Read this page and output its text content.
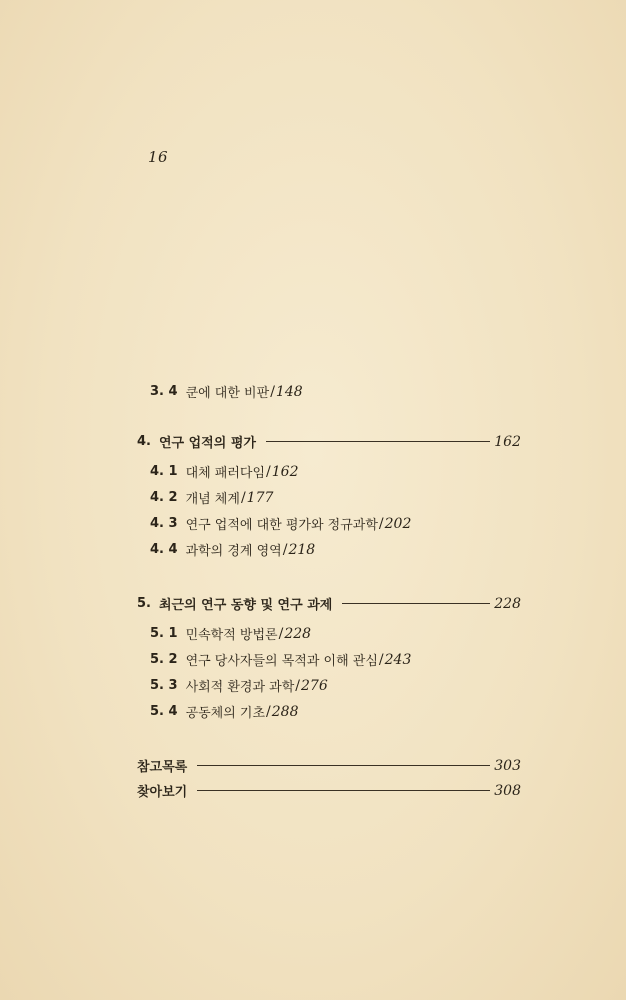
16
3. 4 쿤에 대한 비판 / 148
4. 연구 업적의 평가	162
4. 1 대체 패러다임 / 162
4. 2 개념 체계 / 177
4. 3 연구 업적에 대한 평가와 정규과학 / 202
4. 4 과학의 경계 영역 / 218
5. 최근의 연구 동향 및 연구 과제	228
5. 1 민속학적 방법론 / 228
5. 2 연구 당사자들의 목적과 이해 관심 / 243
5. 3 사회적 환경과 과학 / 276
5. 4 공동체의 기초 / 288
참고목록	303
찾아보기	308
